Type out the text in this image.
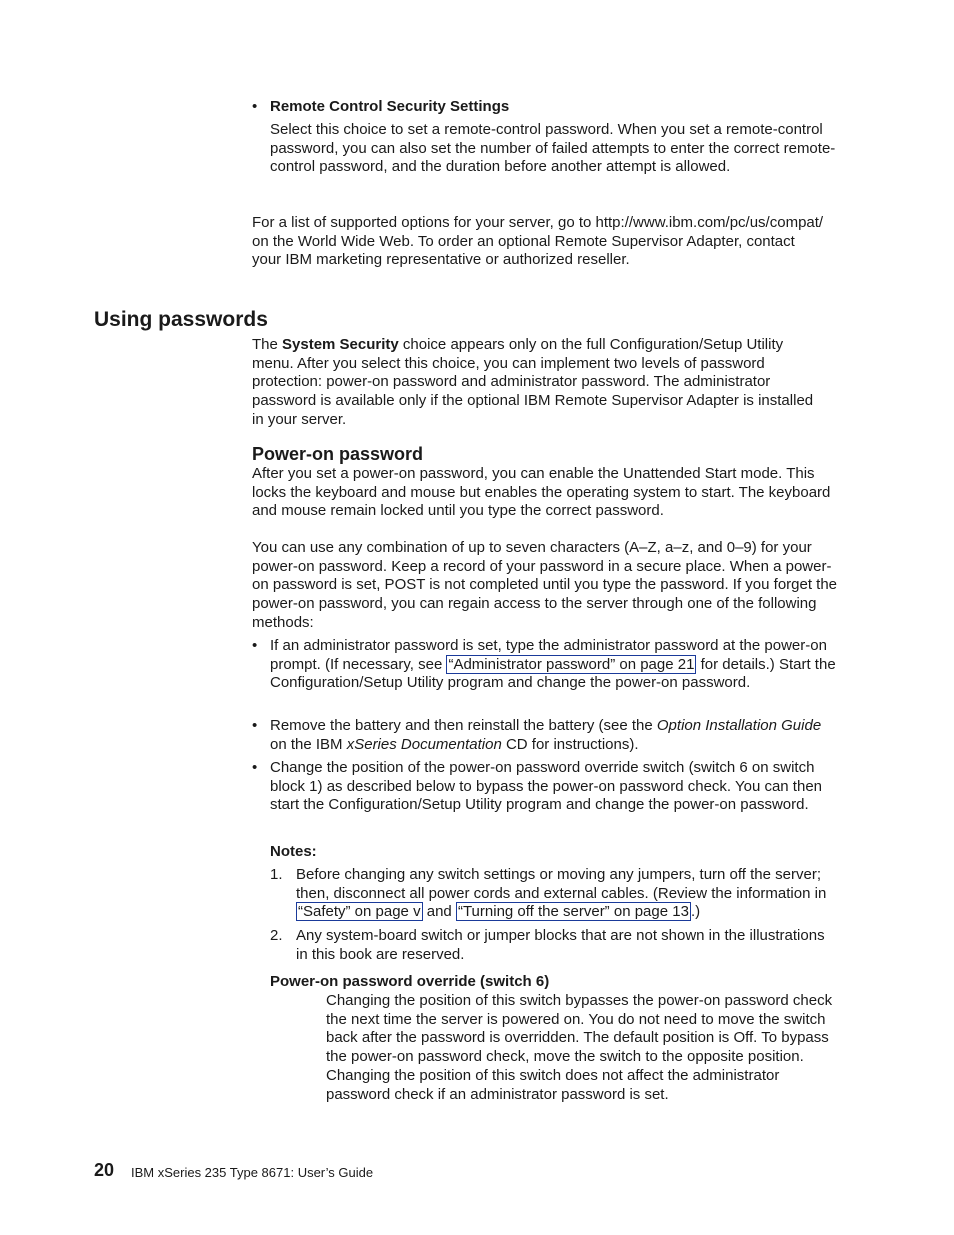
• Remote Control Security Settings

Select this choice to set a remote-control password. When you set a remote-control password, you can also set the number of failed attempts to enter the correct remote-control password, and the duration before another attempt is allowed.

For a list of supported options for your server, go to http://www.ibm.com/pc/us/compat/ on the World Wide Web. To order an optional Remote Supervisor Adapter, contact your IBM marketing representative or authorized reseller.

Using passwords

The System Security choice appears only on the full Configuration/Setup Utility menu. After you select this choice, you can implement two levels of password protection: power-on password and administrator password. The administrator password is available only if the optional IBM Remote Supervisor Adapter is installed in your server.

Power-on password

After you set a power-on password, you can enable the Unattended Start mode. This locks the keyboard and mouse but enables the operating system to start. The keyboard and mouse remain locked until you type the correct password.

You can use any combination of up to seven characters (A–Z, a–z, and 0–9) for your power-on password. Keep a record of your password in a secure place. When a power-on password is set, POST is not completed until you type the password. If you forget the power-on password, you can regain access to the server through one of the following methods:

• If an administrator password is set, type the administrator password at the power-on prompt. (If necessary, see “Administrator password” on page 21 for details.) Start the Configuration/Setup Utility program and change the power-on password.

• Remove the battery and then reinstall the battery (see the Option Installation Guide on the IBM xSeries Documentation CD for instructions).

• Change the position of the power-on password override switch (switch 6 on switch block 1) as described below to bypass the power-on password check. You can then start the Configuration/Setup Utility program and change the power-on password.

Notes:

1. Before changing any switch settings or moving any jumpers, turn off the server; then, disconnect all power cords and external cables. (Review the information in “Safety” on page v and “Turning off the server” on page 13 .)

2. Any system-board switch or jumper blocks that are not shown in the illustrations in this book are reserved.

Power-on password override (switch 6)

Changing the position of this switch bypasses the power-on password check the next time the server is powered on. You do not need to move the switch back after the password is overridden. The default position is Off. To bypass the power-on password check, move the switch to the opposite position. Changing the position of this switch does not affect the administrator password check if an administrator password is set.

20 IBM xSeries 235 Type 8671: User’s Guide
